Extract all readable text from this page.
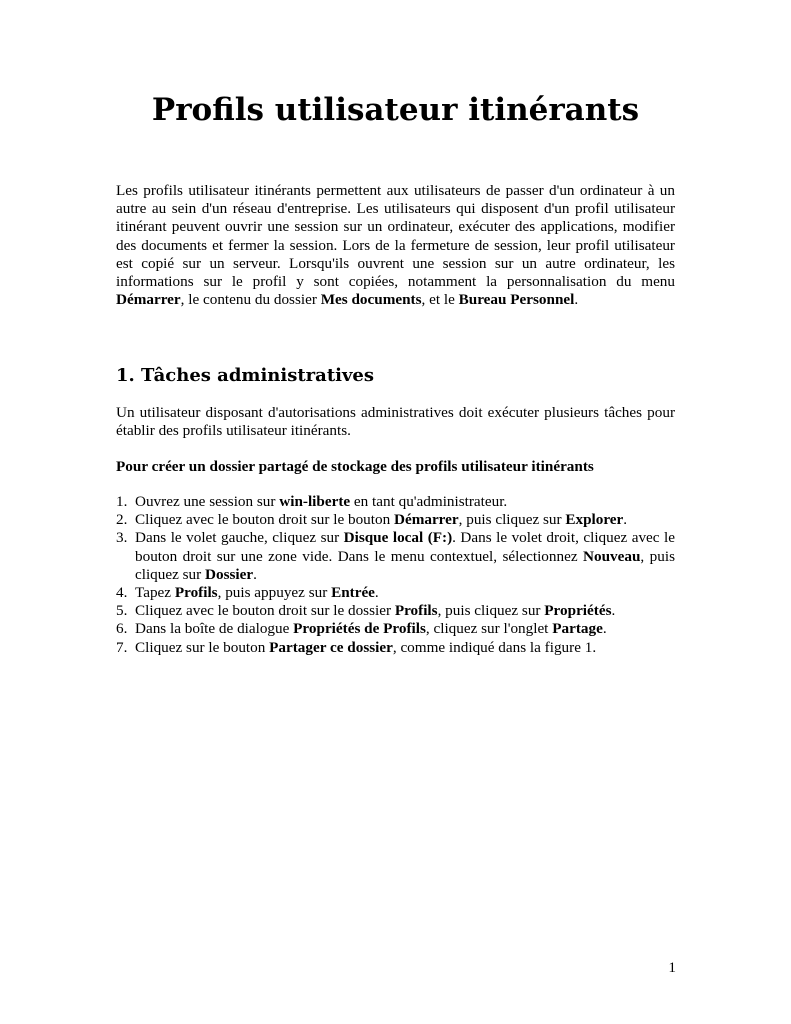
Profils utilisateur itinérants

Les profils utilisateur itinérants permettent aux utilisateurs de passer d'un ordinateur à un autre au sein d'un réseau d'entreprise. Les utilisateurs qui disposent d'un profil utilisateur itinérant peuvent ouvrir une session sur un ordinateur, exécuter des applications, modifier des documents et fermer la session. Lors de la fermeture de session, leur profil utilisateur est copié sur un serveur. Lorsqu'ils ouvrent une session sur un autre ordinateur, les informations sur le profil y sont copiées, notamment la personnalisation du menu Démarrer, le contenu du dossier Mes documents, et le Bureau Personnel.

1. Tâches administratives

Un utilisateur disposant d'autorisations administratives doit exécuter plusieurs tâches pour établir des profils utilisateur itinérants.

Pour créer un dossier partagé de stockage des profils utilisateur itinérants

1. Ouvrez une session sur win-liberte en tant qu'administrateur.
2. Cliquez avec le bouton droit sur le bouton Démarrer, puis cliquez sur Explorer.
3. Dans le volet gauche, cliquez sur Disque local (F:). Dans le volet droit, cliquez avec le bouton droit sur une zone vide. Dans le menu contextuel, sélectionnez Nouveau, puis cliquez sur Dossier.
4. Tapez Profils, puis appuyez sur Entrée.
5. Cliquez avec le bouton droit sur le dossier Profils, puis cliquez sur Propriétés.
6. Dans la boîte de dialogue Propriétés de Profils, cliquez sur l'onglet Partage.
7. Cliquez sur le bouton Partager ce dossier, comme indiqué dans la figure 1.
1
